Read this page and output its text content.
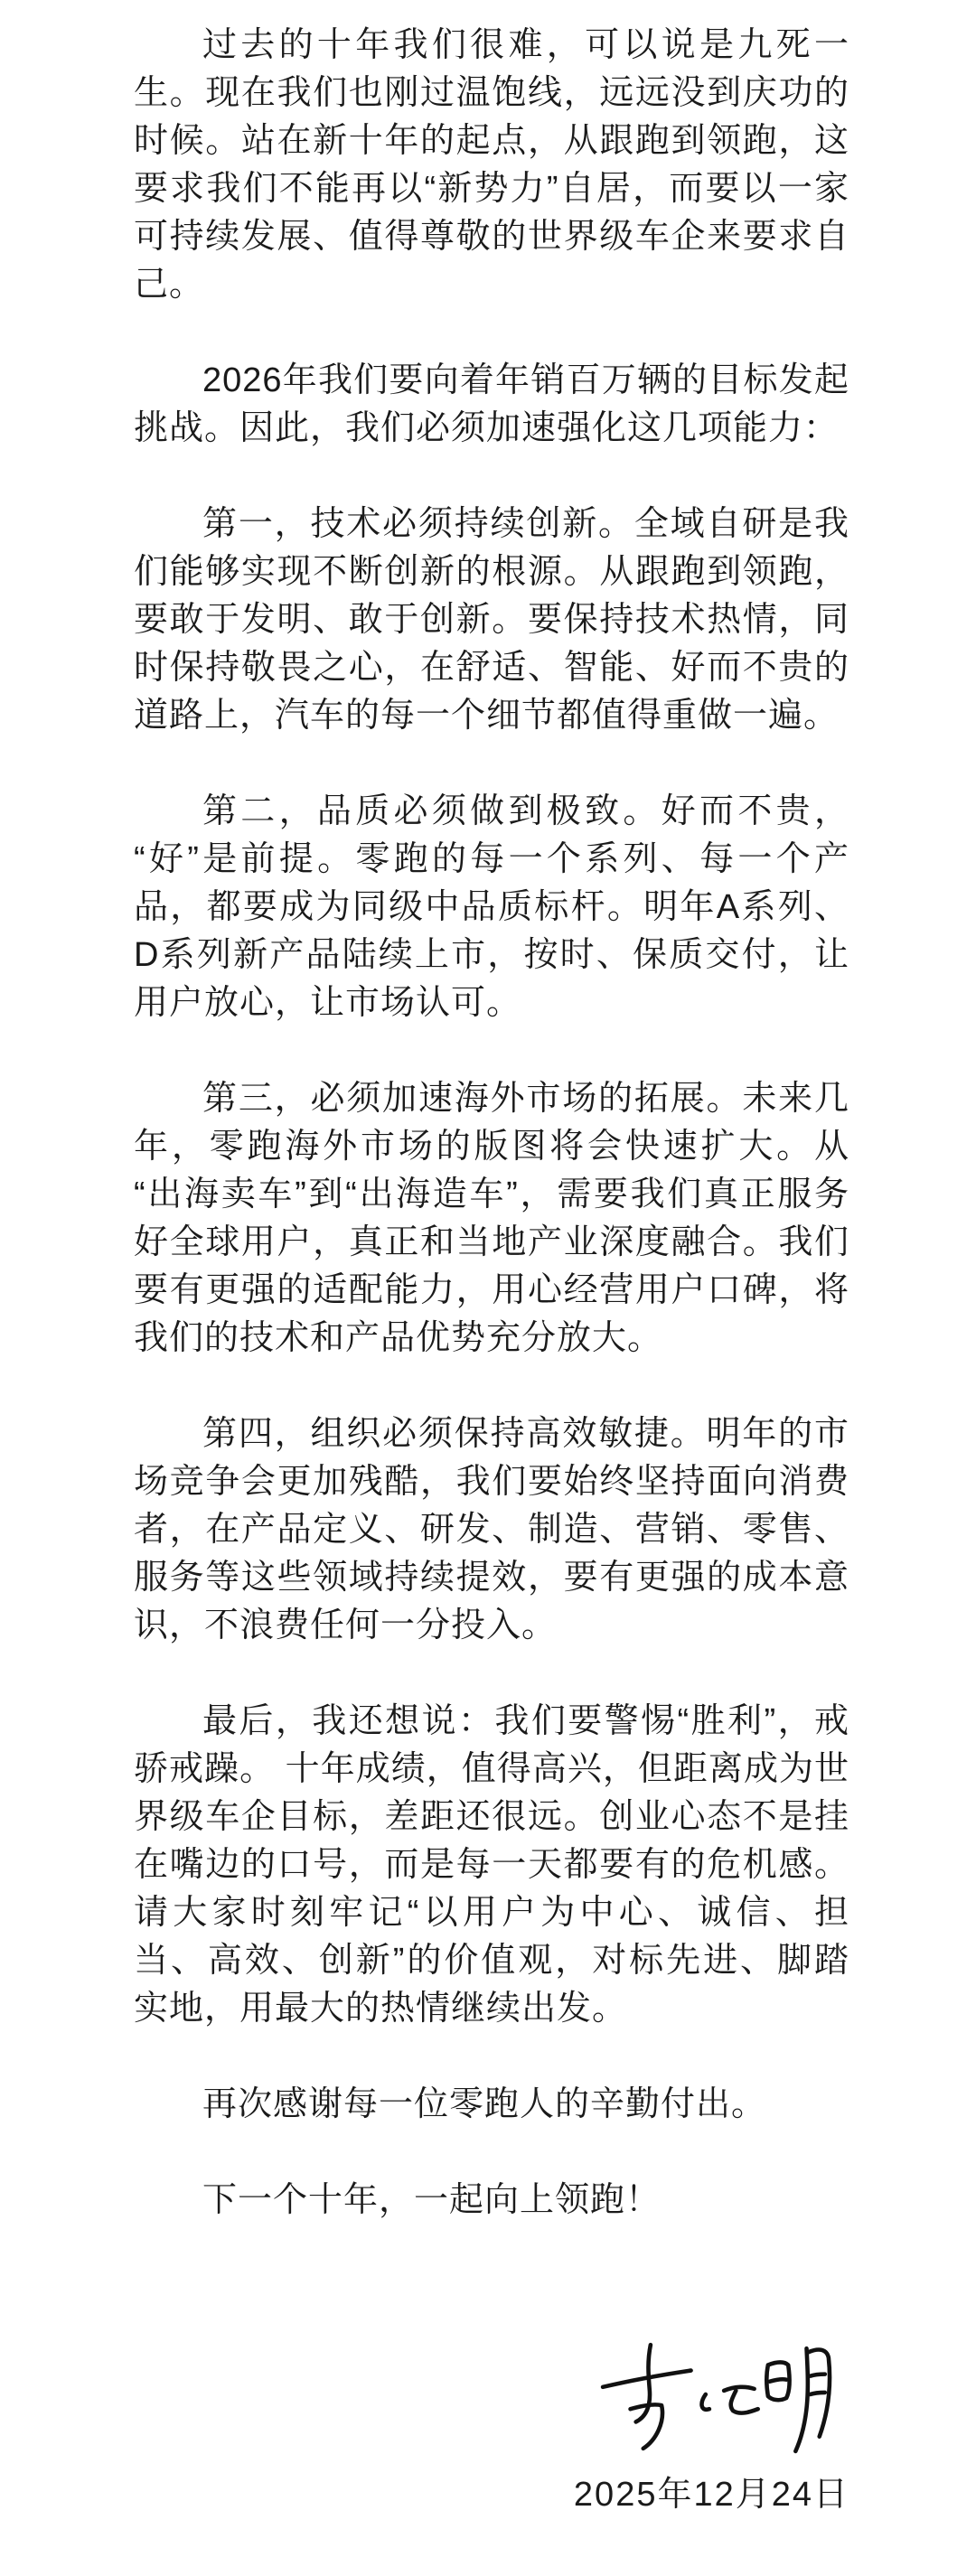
过去的十年我们很难，可以说是九死一生。现在我们也刚过温饱线，远远没到庆功的时候。站在新十年的起点，从跟跑到领跑，这要求我们不能再以“新势力”自居，而要以一家可持续发展、值得尊敬的世界级车企来要求自己。

2026年我们要向着年销百万辆的目标发起挑战。因此，我们必须加速强化这几项能力：

第一，技术必须持续创新。全域自研是我们能够实现不断创新的根源。从跟跑到领跑，要敢于发明、敢于创新。要保持技术热情，同时保持敬畏之心，在舒适、智能、好而不贵的道路上，汽车的每一个细节都值得重做一遍。

第二，品质必须做到极致。好而不贵，“好”是前提。零跑的每一个系列、每一个产品，都要成为同级中品质标杆。明年A系列、D系列新产品陆续上市，按时、保质交付，让用户放心，让市场认可。

第三，必须加速海外市场的拓展。未来几年，零跑海外市场的版图将会快速扩大。从“出海卖车”到“出海造车”，需要我们真正服务好全球用户，真正和当地产业深度融合。我们要有更强的适配能力，用心经营用户口碑，将我们的技术和产品优势充分放大。

第四，组织必须保持高效敏捷。明年的市场竞争会更加残酷，我们要始终坚持面向消费者，在产品定义、研发、制造、营销、零售、服务等这些领域持续提效，要有更强的成本意识，不浪费任何一分投入。

最后，我还想说：我们要警惕“胜利”，戒骄戒躁。 十年成绩，值得高兴，但距离成为世界级车企目标，差距还很远。创业心态不是挂在嘴边的口号，而是每一天都要有的危机感。请大家时刻牢记“以用户为中心、诚信、担当、高效、创新”的价值观，对标先进、脚踏实地，用最大的热情继续出发。

再次感谢每一位零跑人的辛勤付出。

下一个十年，一起向上领跑！

2025年12月24日
